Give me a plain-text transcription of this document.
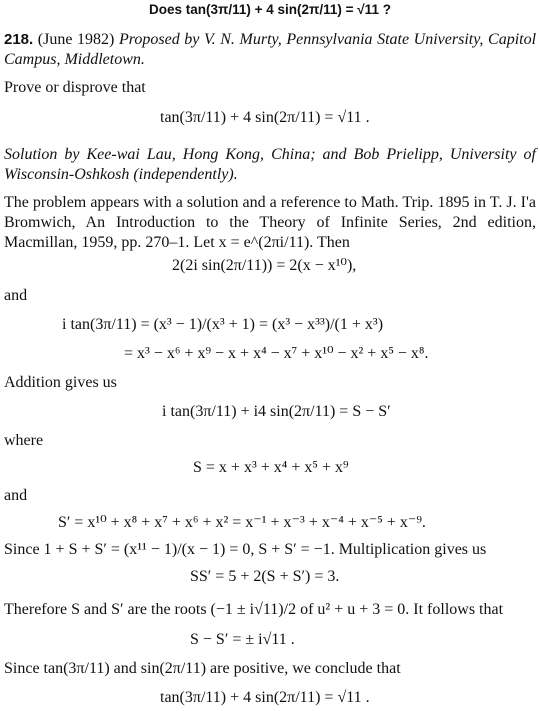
Does tan(3π/11) + 4 sin(2π/11) = √11 ?
218. (June 1982) Proposed by V. N. Murty, Pennsylvania State University, Capitol Campus, Middletown.
Prove or disprove that
tan(3π/11) + 4 sin(2π/11) = √11 .
Solution by Kee-wai Lau, Hong Kong, China; and Bob Prielipp, University of Wisconsin-Oshkosh (independently).
The problem appears with a solution and a reference to Math. Trip. 1895 in T. J. I'a Bromwich, An Introduction to the Theory of Infinite Series, 2nd edition, Macmillan, 1959, pp. 270–1. Let x = e^(2πi/11). Then
2(2i sin(2π/11)) = 2(x − x¹⁰),
and
i tan(3π/11) = (x³ − 1)/(x³ + 1) = (x³ − x³³)/(1 + x³)
= x³ − x⁶ + x⁹ − x + x⁴ − x⁷ + x¹⁰ − x² + x⁵ − x⁸.
Addition gives us
i tan(3π/11) + i4 sin(2π/11) = S − S′
where
S = x + x³ + x⁴ + x⁵ + x⁹
and
S′ = x¹⁰ + x⁸ + x⁷ + x⁶ + x² = x⁻¹ + x⁻³ + x⁻⁴ + x⁻⁵ + x⁻⁹.
Since 1 + S + S′ = (x¹¹ − 1)/(x − 1) = 0, S + S′ = −1. Multiplication gives us
SS′ = 5 + 2(S + S′) = 3.
Therefore S and S′ are the roots (−1 ± i√11)/2 of u² + u + 3 = 0. It follows that
S − S′ = ± i√11 .
Since tan(3π/11) and sin(2π/11) are positive, we conclude that
tan(3π/11) + 4 sin(2π/11) = √11 .
